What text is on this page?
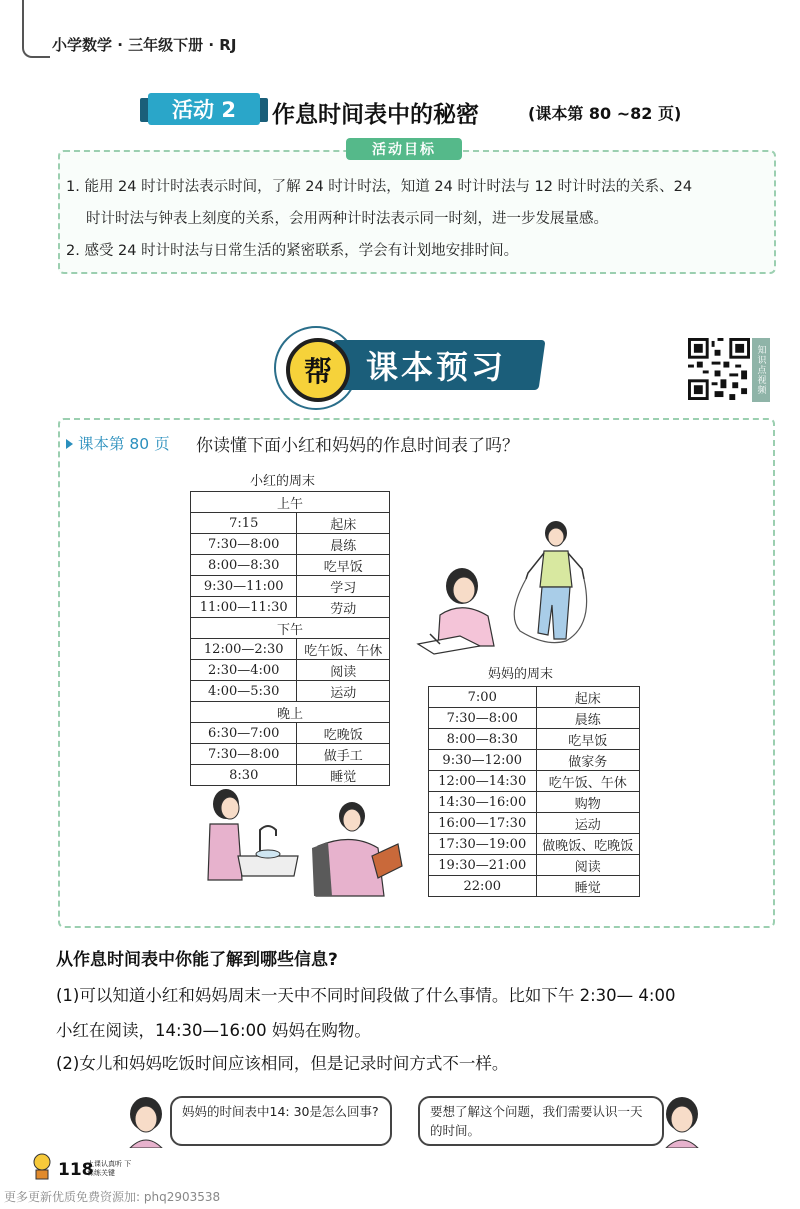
小学数学 · 三年级下册 · RJ
活动 2	作息时间表中的秘密	(课本第 80 ~82 页)
活动目标
1. 能用 24 时计时法表示时间，了解 24 时计时法，知道 24 时计时法与 12 时计时法的关系、24
时计时法与钟表上刻度的关系，会用两种计时法表示同一时刻，进一步发展量感。
2. 感受 24 时计时法与日常生活的紧密联系，学会有计划地安排时间。
课本预习
帮	知识点视频
课本第 80 页 你读懂下面小红和妈妈的作息时间表了吗？
小红的周末
上午	
7:15	起床
7:30—8:00	晨练
8:00—8:30	吃早饭
9:30—11:00	学习
11:00—11:30	劳动
下午	
12:00—2:30	吃午饭、午休
2:30—4:00	阅读
4:00—5:30	运动
晚上	
6:30—7:00	吃晚饭
7:30—8:00	做手工
8:30	睡觉
妈妈的周末
7:00	起床
7:30—8:00	晨练
8:00—8:30	吃早饭
9:30—12:00	做家务
12:00—14:30	吃午饭、午休
14:30—16:00	购物
16:00—17:30	运动
17:30—19:00	做晚饭、吃晚饭
19:30—21:00	阅读
22:00	睡觉
从作息时间表中你能了解到哪些信息?
(1)可以知道小红和妈妈周末一天中不同时间段做了什么事情。比如下午 2:30— 4:00
小红在阅读，14:30—16:00 妈妈在购物。
(2)女儿和妈妈吃饭时间应该相同，但是记录时间方式不一样。
妈妈的时间表中14: 30是怎么回事?	要想了解这个问题，我们需要认识一天的时间。
118
上课认真听 下课练关键
更多更新优质免费资源加: phq2903538
